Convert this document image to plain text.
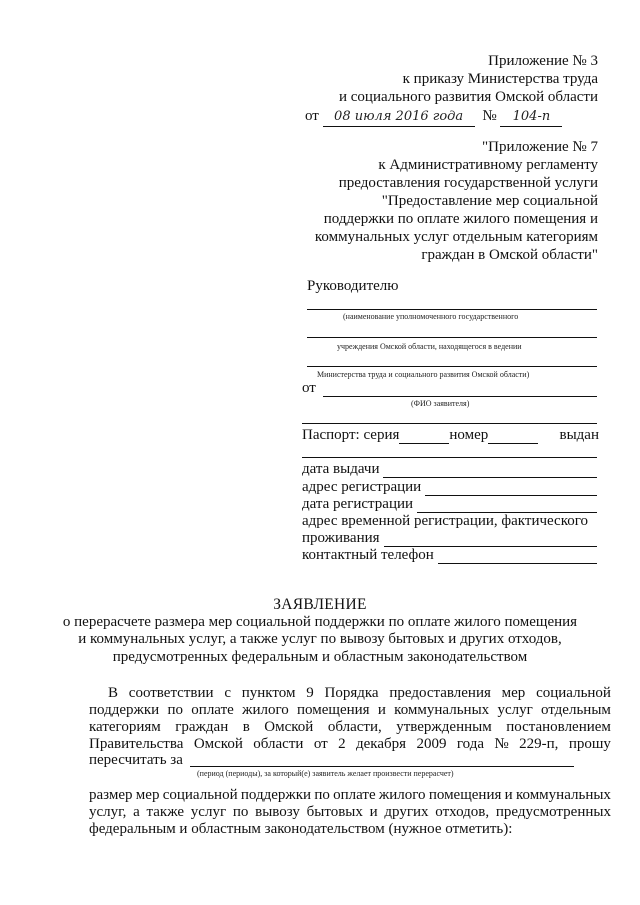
Приложение № 3
к приказу Министерства труда
и социального развития Омской области
от 08 июля 2016 года № 104-п
"Приложение № 7
к Административному регламенту
предоставления государственной услуги
"Предоставление мер социальной
поддержки по оплате жилого помещения и
коммунальных услуг отдельным категориям
граждан в Омской области"
Руководителю
(наименование уполномоченного государственного
учреждения Омской области, находящегося в ведении
Министерства труда и социального развития Омской области)
от
(ФИО заявителя)
Паспорт: серия	номер	выдан
дата выдачи
адрес регистрации
дата регистрации
адрес временной регистрации, фактического
проживания
контактный телефон
ЗАЯВЛЕНИЕ
о перерасчете размера мер социальной поддержки по оплате жилого помещения
и коммунальных услуг, а также услуг по вывозу бытовых и других отходов,
предусмотренных федеральным и областным законодательством
В соответствии с пунктом 9 Порядка предоставления мер социальной
поддержки по оплате жилого помещения и коммунальных услуг отдельным
категориям граждан в Омской области, утвержденным постановлением
Правительства Омской области от 2 декабря 2009 года № 229-п, прошу
пересчитать за
(период (периоды), за который(е) заявитель желает произвести перерасчет)
размер мер социальной поддержки по оплате жилого помещения и коммунальных
услуг, а также услуг по вывозу бытовых и других отходов, предусмотренных
федеральным и областным законодательством (нужное отметить):
